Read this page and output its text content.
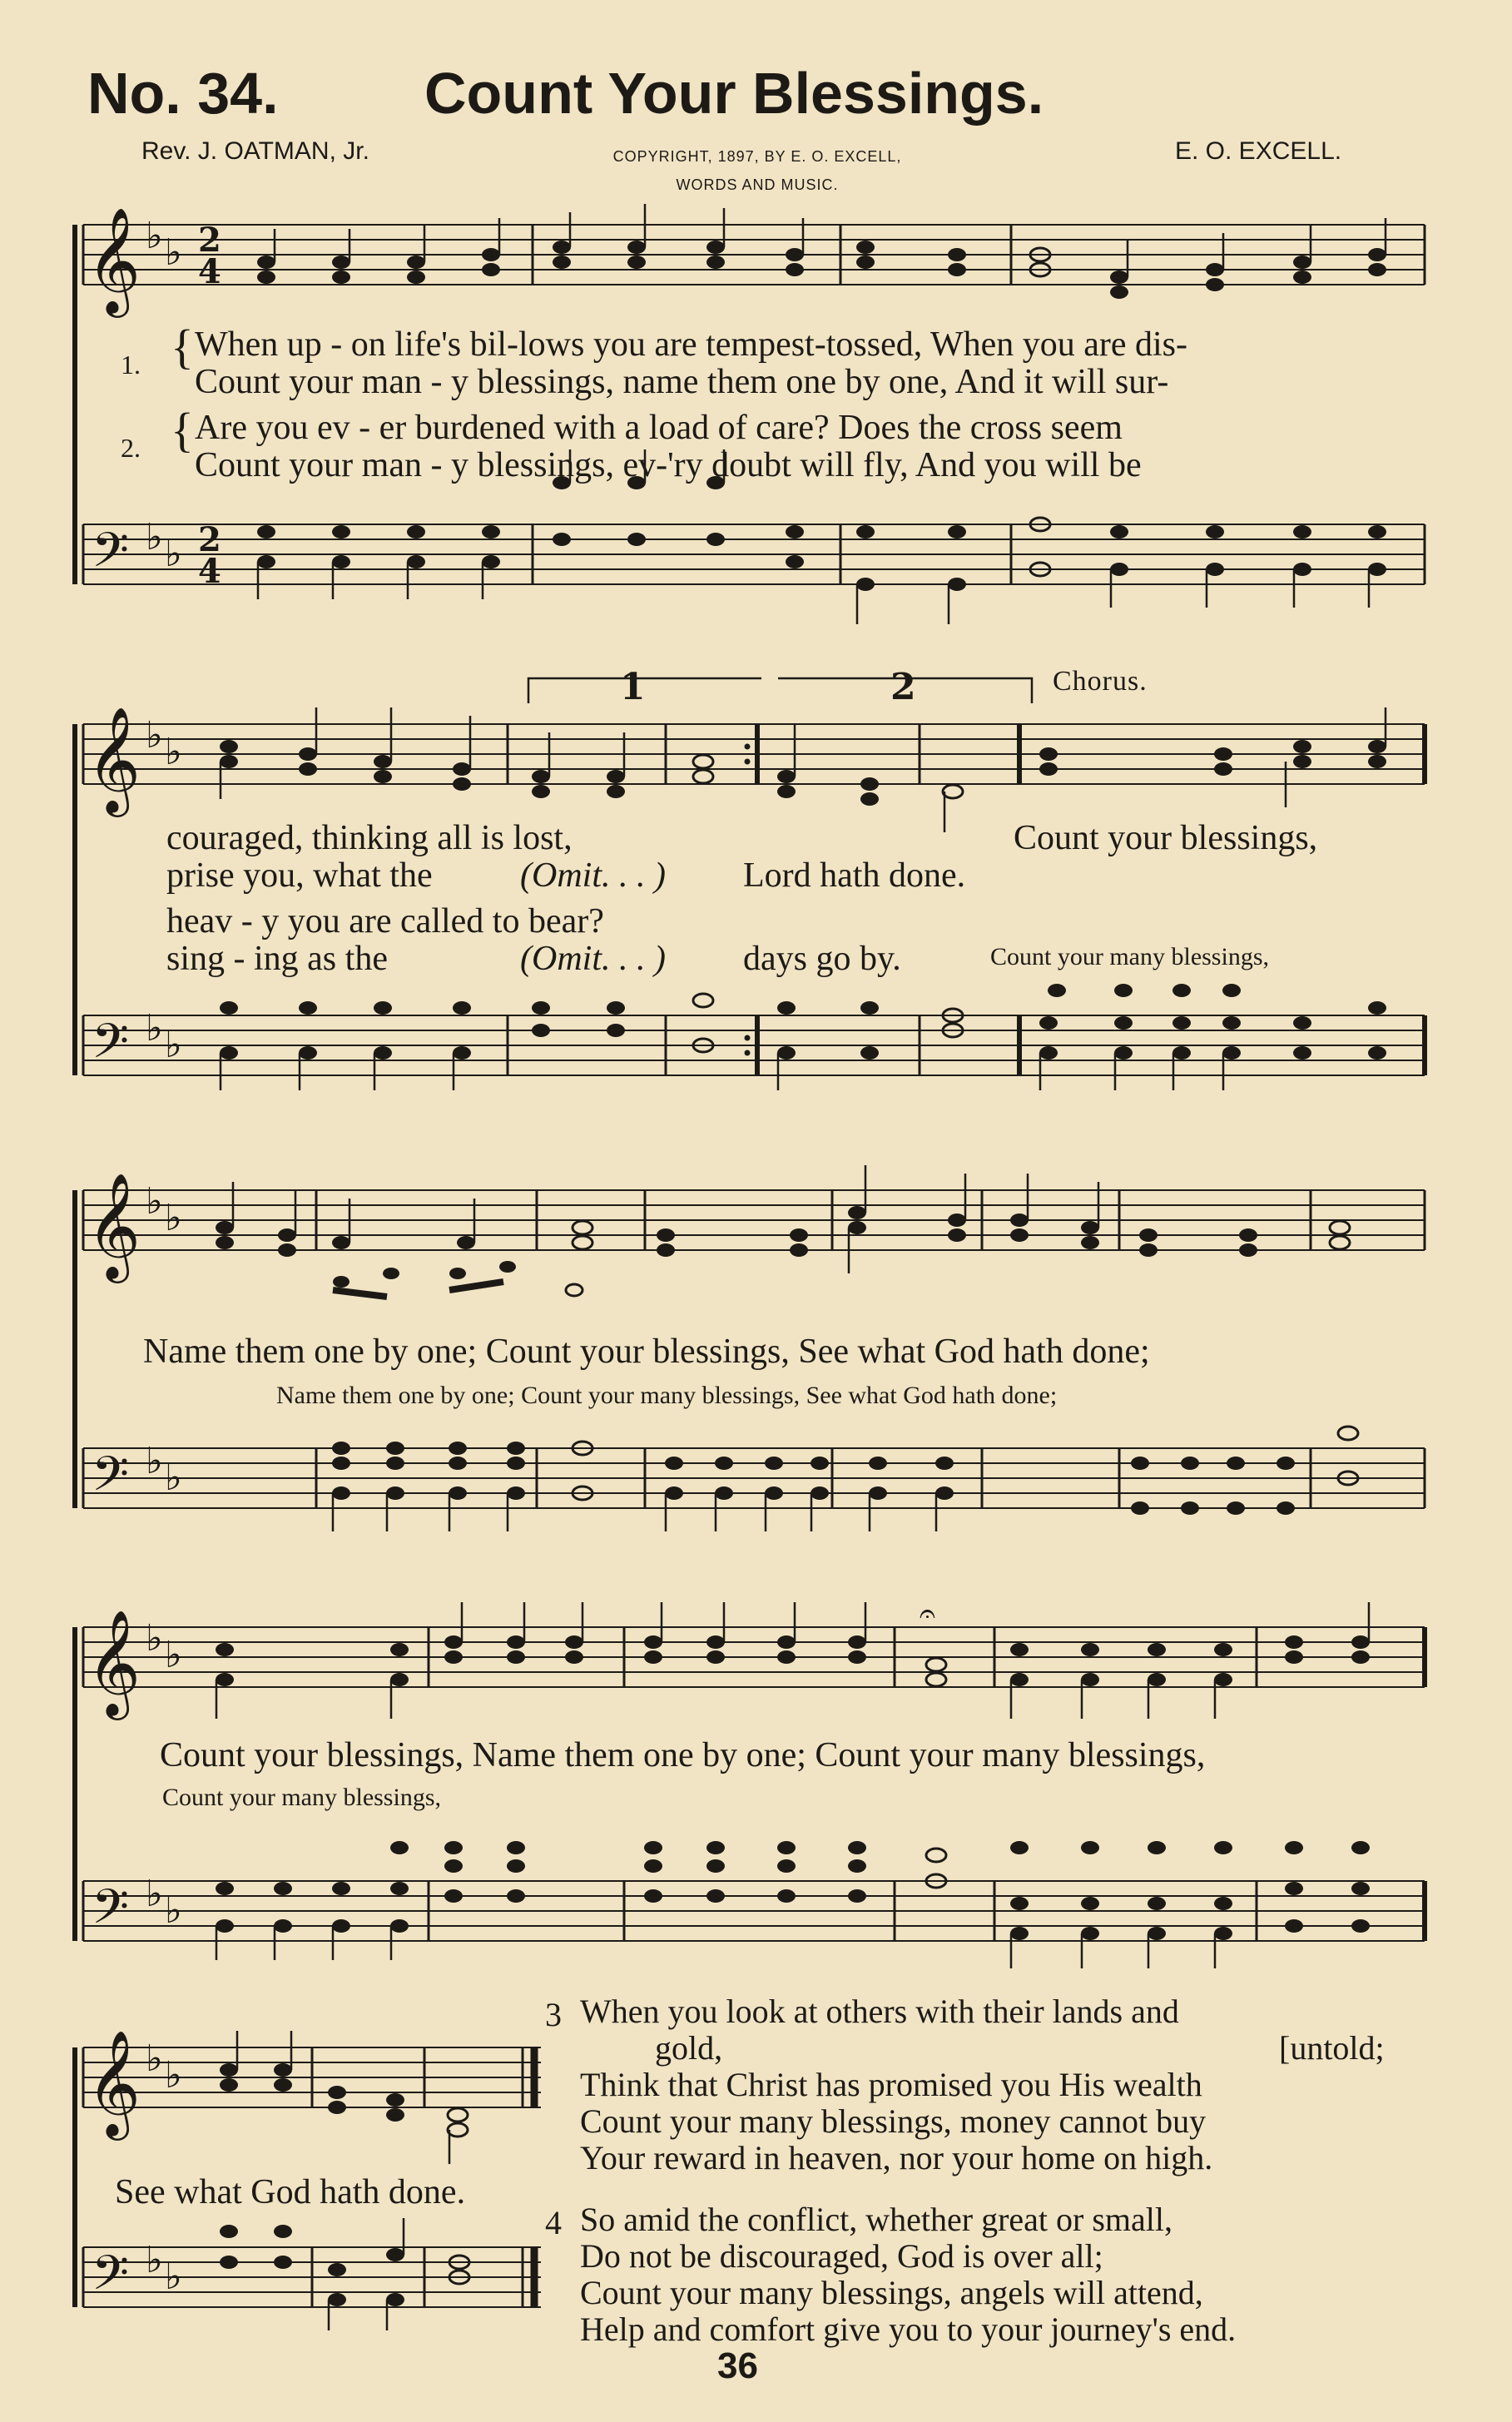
No. 34.	Count Your Blessings.
Rev. J. OATMAN, Jr.	COPYRIGHT, 1897, BY E. O. EXCELL,
WORDS AND MUSIC.
E. O. EXCELL.
𝄞
𝄢
♭ ♭
♭ ♭
2
4
2
4
1. { When up - on life's bil-lows you are tempest-tossed, When you are dis-
Count your man - y blessings, name them one by one, And it will sur-
2. { Are you ev - er burdened with a load of care? Does the cross seem
Count your man - y blessings, ev-'ry doubt will fly, And you will be
1	2
𝄞
𝄢
♭ ♭
♭ ♭
Chorus.
couraged, thinking all is lost,	Count your blessings,
prise you, what the	(Omit. . . ) Lord hath done.
heav - y you are called to bear?
sing - ing as the	(Omit. . . ) days go by.	Count your many blessings,
𝄞
𝄢
♭ ♭
♭ ♭
Name them one by one; Count your blessings, See what God hath done;
Name them one by one; Count your many blessings, See what God hath done;
𝄞
𝄢
♭ ♭
♭ ♭
𝄐
Count your blessings, Name them one by one; Count your many blessings,
Count your many blessings,
𝄞
𝄢
♭ ♭
♭ ♭
See what God hath done.
3 When you look at others with their lands and
gold,	[untold;
Think that Christ has promised you His wealth
Count your many blessings, money cannot buy
Your reward in heaven, nor your home on high.
4 So amid the conflict, whether great or small,
Do not be discouraged, God is over all;
Count your many blessings, angels will attend,
Help and comfort give you to your journey's end.
36
